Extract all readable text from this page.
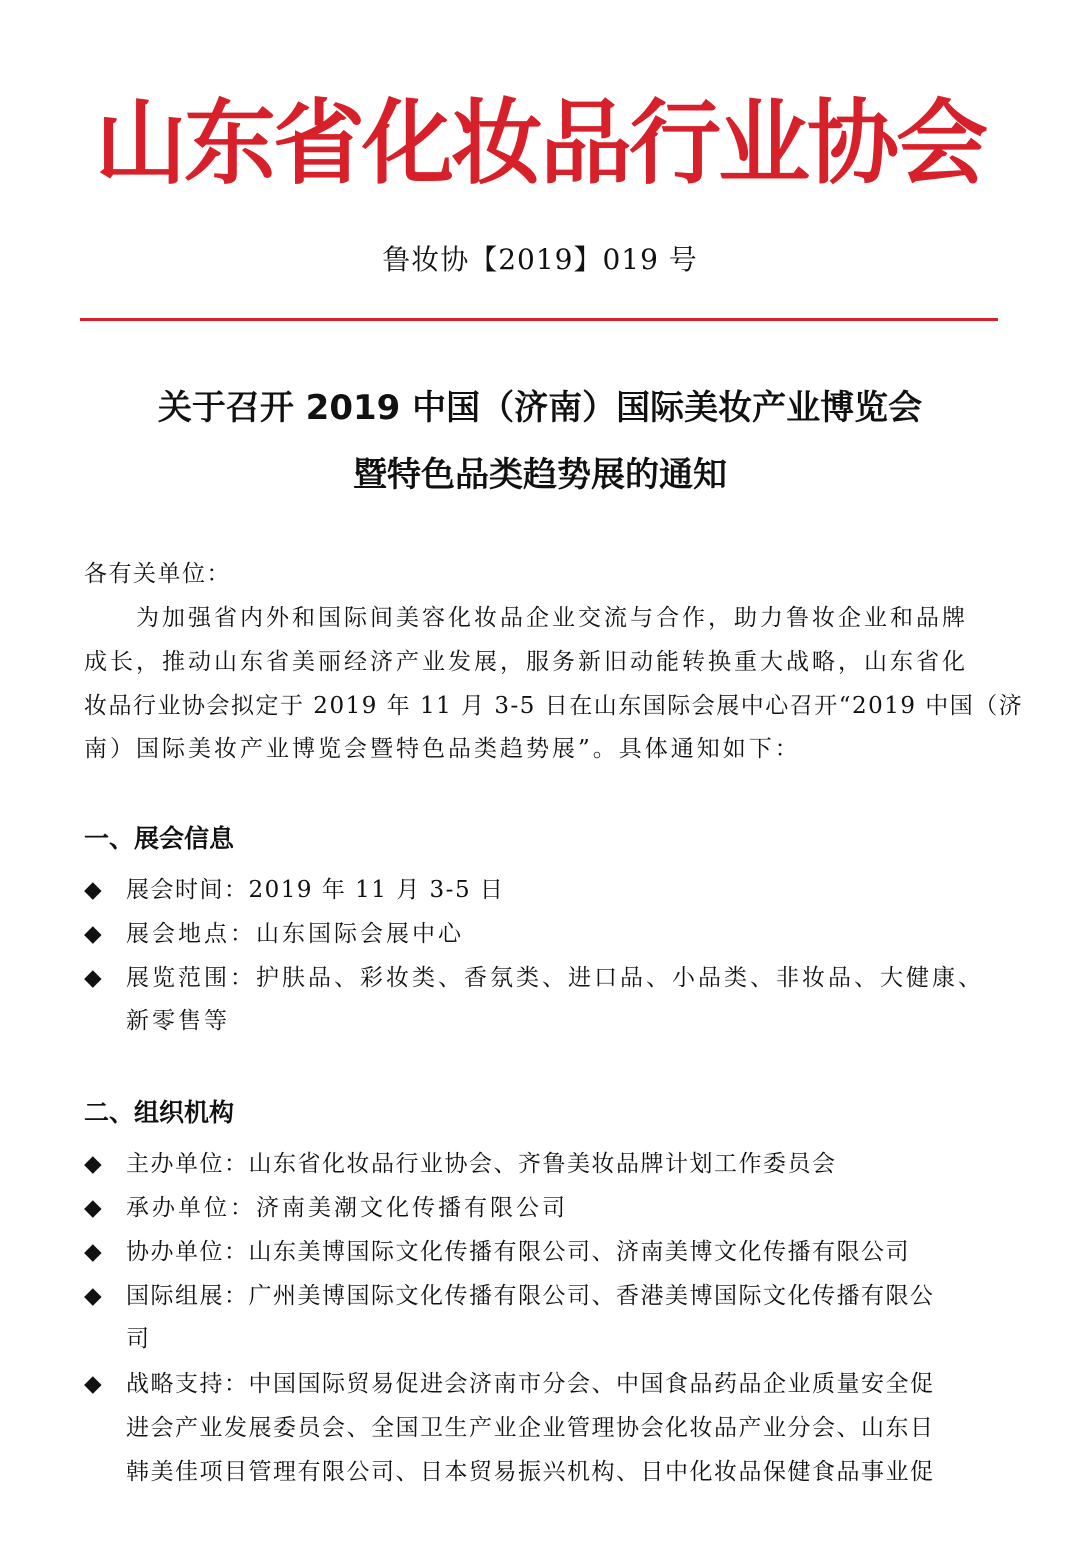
山东省化妆品行业协会
鲁妆协【2019】019 号
关于召开 2019 中国（济南）国际美妆产业博览会
暨特色品类趋势展的通知
各有关单位：
为加强省内外和国际间美容化妆品企业交流与合作，助力鲁妆企业和品牌
成长，推动山东省美丽经济产业发展，服务新旧动能转换重大战略，山东省化
妆品行业协会拟定于 2019 年 11 月 3-5 日在山东国际会展中心召开“2019 中国（济
南）国际美妆产业博览会暨特色品类趋势展”。具体通知如下：
一、展会信息
◆ 展会时间：2019 年 11 月 3-5 日
◆ 展会地点：山东国际会展中心
◆ 展览范围：护肤品、彩妆类、香氛类、进口品、小品类、非妆品、大健康、
新零售等
二、组织机构
◆ 主办单位：山东省化妆品行业协会、齐鲁美妆品牌计划工作委员会
◆ 承办单位：济南美潮文化传播有限公司
◆ 协办单位：山东美博国际文化传播有限公司、济南美博文化传播有限公司
◆ 国际组展：广州美博国际文化传播有限公司、香港美博国际文化传播有限公
司
◆ 战略支持：中国国际贸易促进会济南市分会、中国食品药品企业质量安全促
进会产业发展委员会、全国卫生产业企业管理协会化妆品产业分会、山东日
韩美佳项目管理有限公司、日本贸易振兴机构、日中化妆品保健食品事业促
